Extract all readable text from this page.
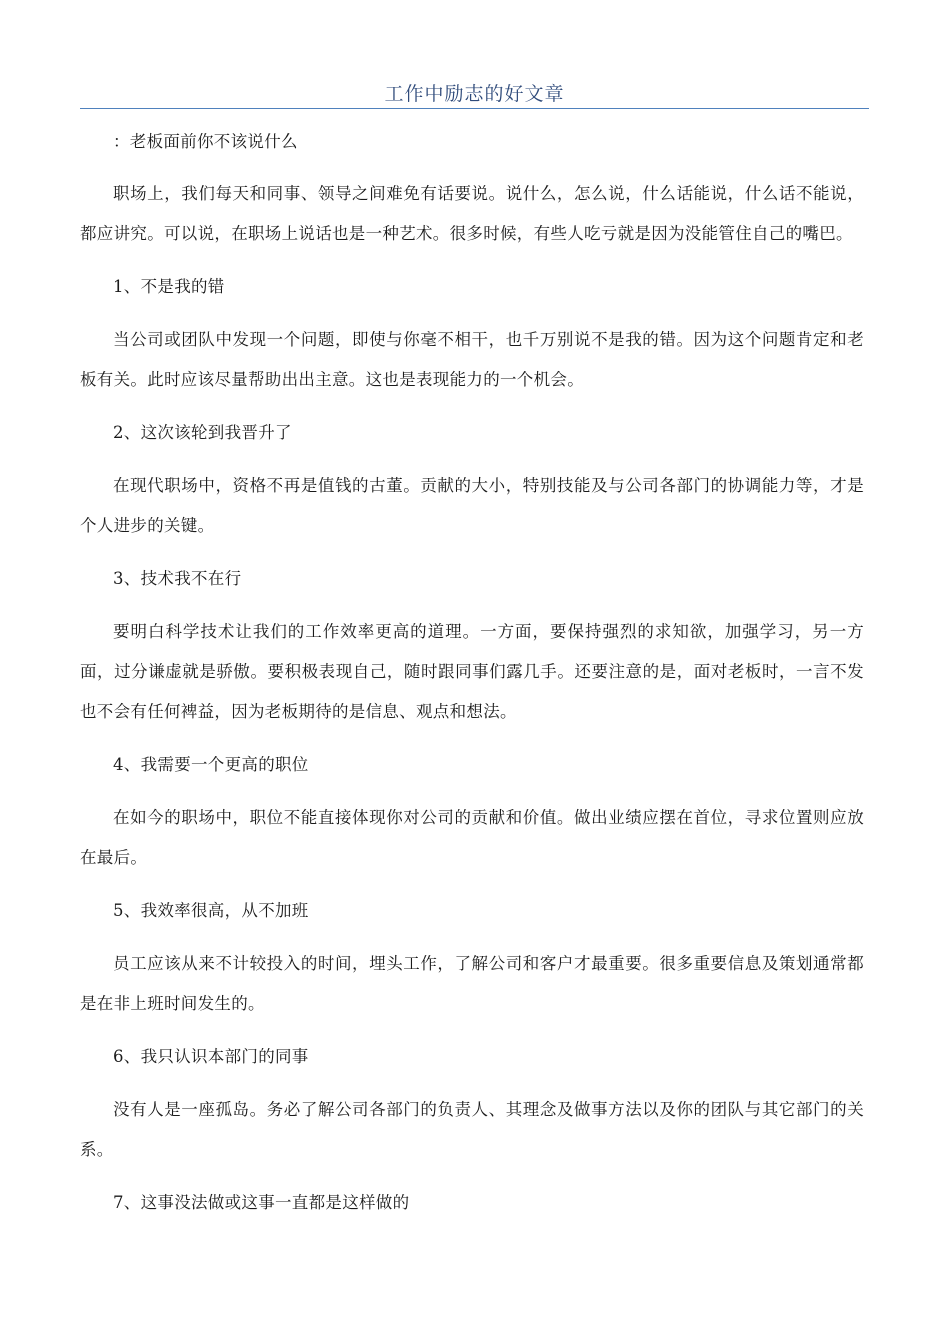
工作中励志的好文章

：老板面前你不该说什么

职场上，我们每天和同事、领导之间难免有话要说。说什么，怎么说，什么话能说，什么话不能说，都应讲究。可以说，在职场上说话也是一种艺术。很多时候，有些人吃亏就是因为没能管住自己的嘴巴。

1、不是我的错

当公司或团队中发现一个问题，即使与你毫不相干，也千万别说不是我的错。因为这个问题肯定和老板有关。此时应该尽量帮助出出主意。这也是表现能力的一个机会。

2、这次该轮到我晋升了

在现代职场中，资格不再是值钱的古董。贡献的大小，特别技能及与公司各部门的协调能力等，才是个人进步的关键。

3、技术我不在行

要明白科学技术让我们的工作效率更高的道理。一方面，要保持强烈的求知欲，加强学习，另一方面，过分谦虚就是骄傲。要积极表现自己，随时跟同事们露几手。还要注意的是，面对老板时，一言不发也不会有任何裨益，因为老板期待的是信息、观点和想法。

4、我需要一个更高的职位

在如今的职场中，职位不能直接体现你对公司的贡献和价值。做出业绩应摆在首位，寻求位置则应放在最后。

5、我效率很高，从不加班

员工应该从来不计较投入的时间，埋头工作，了解公司和客户才最重要。很多重要信息及策划通常都是在非上班时间发生的。

6、我只认识本部门的同事

没有人是一座孤岛。务必了解公司各部门的负责人、其理念及做事方法以及你的团队与其它部门的关系。

7、这事没法做或这事一直都是这样做的
